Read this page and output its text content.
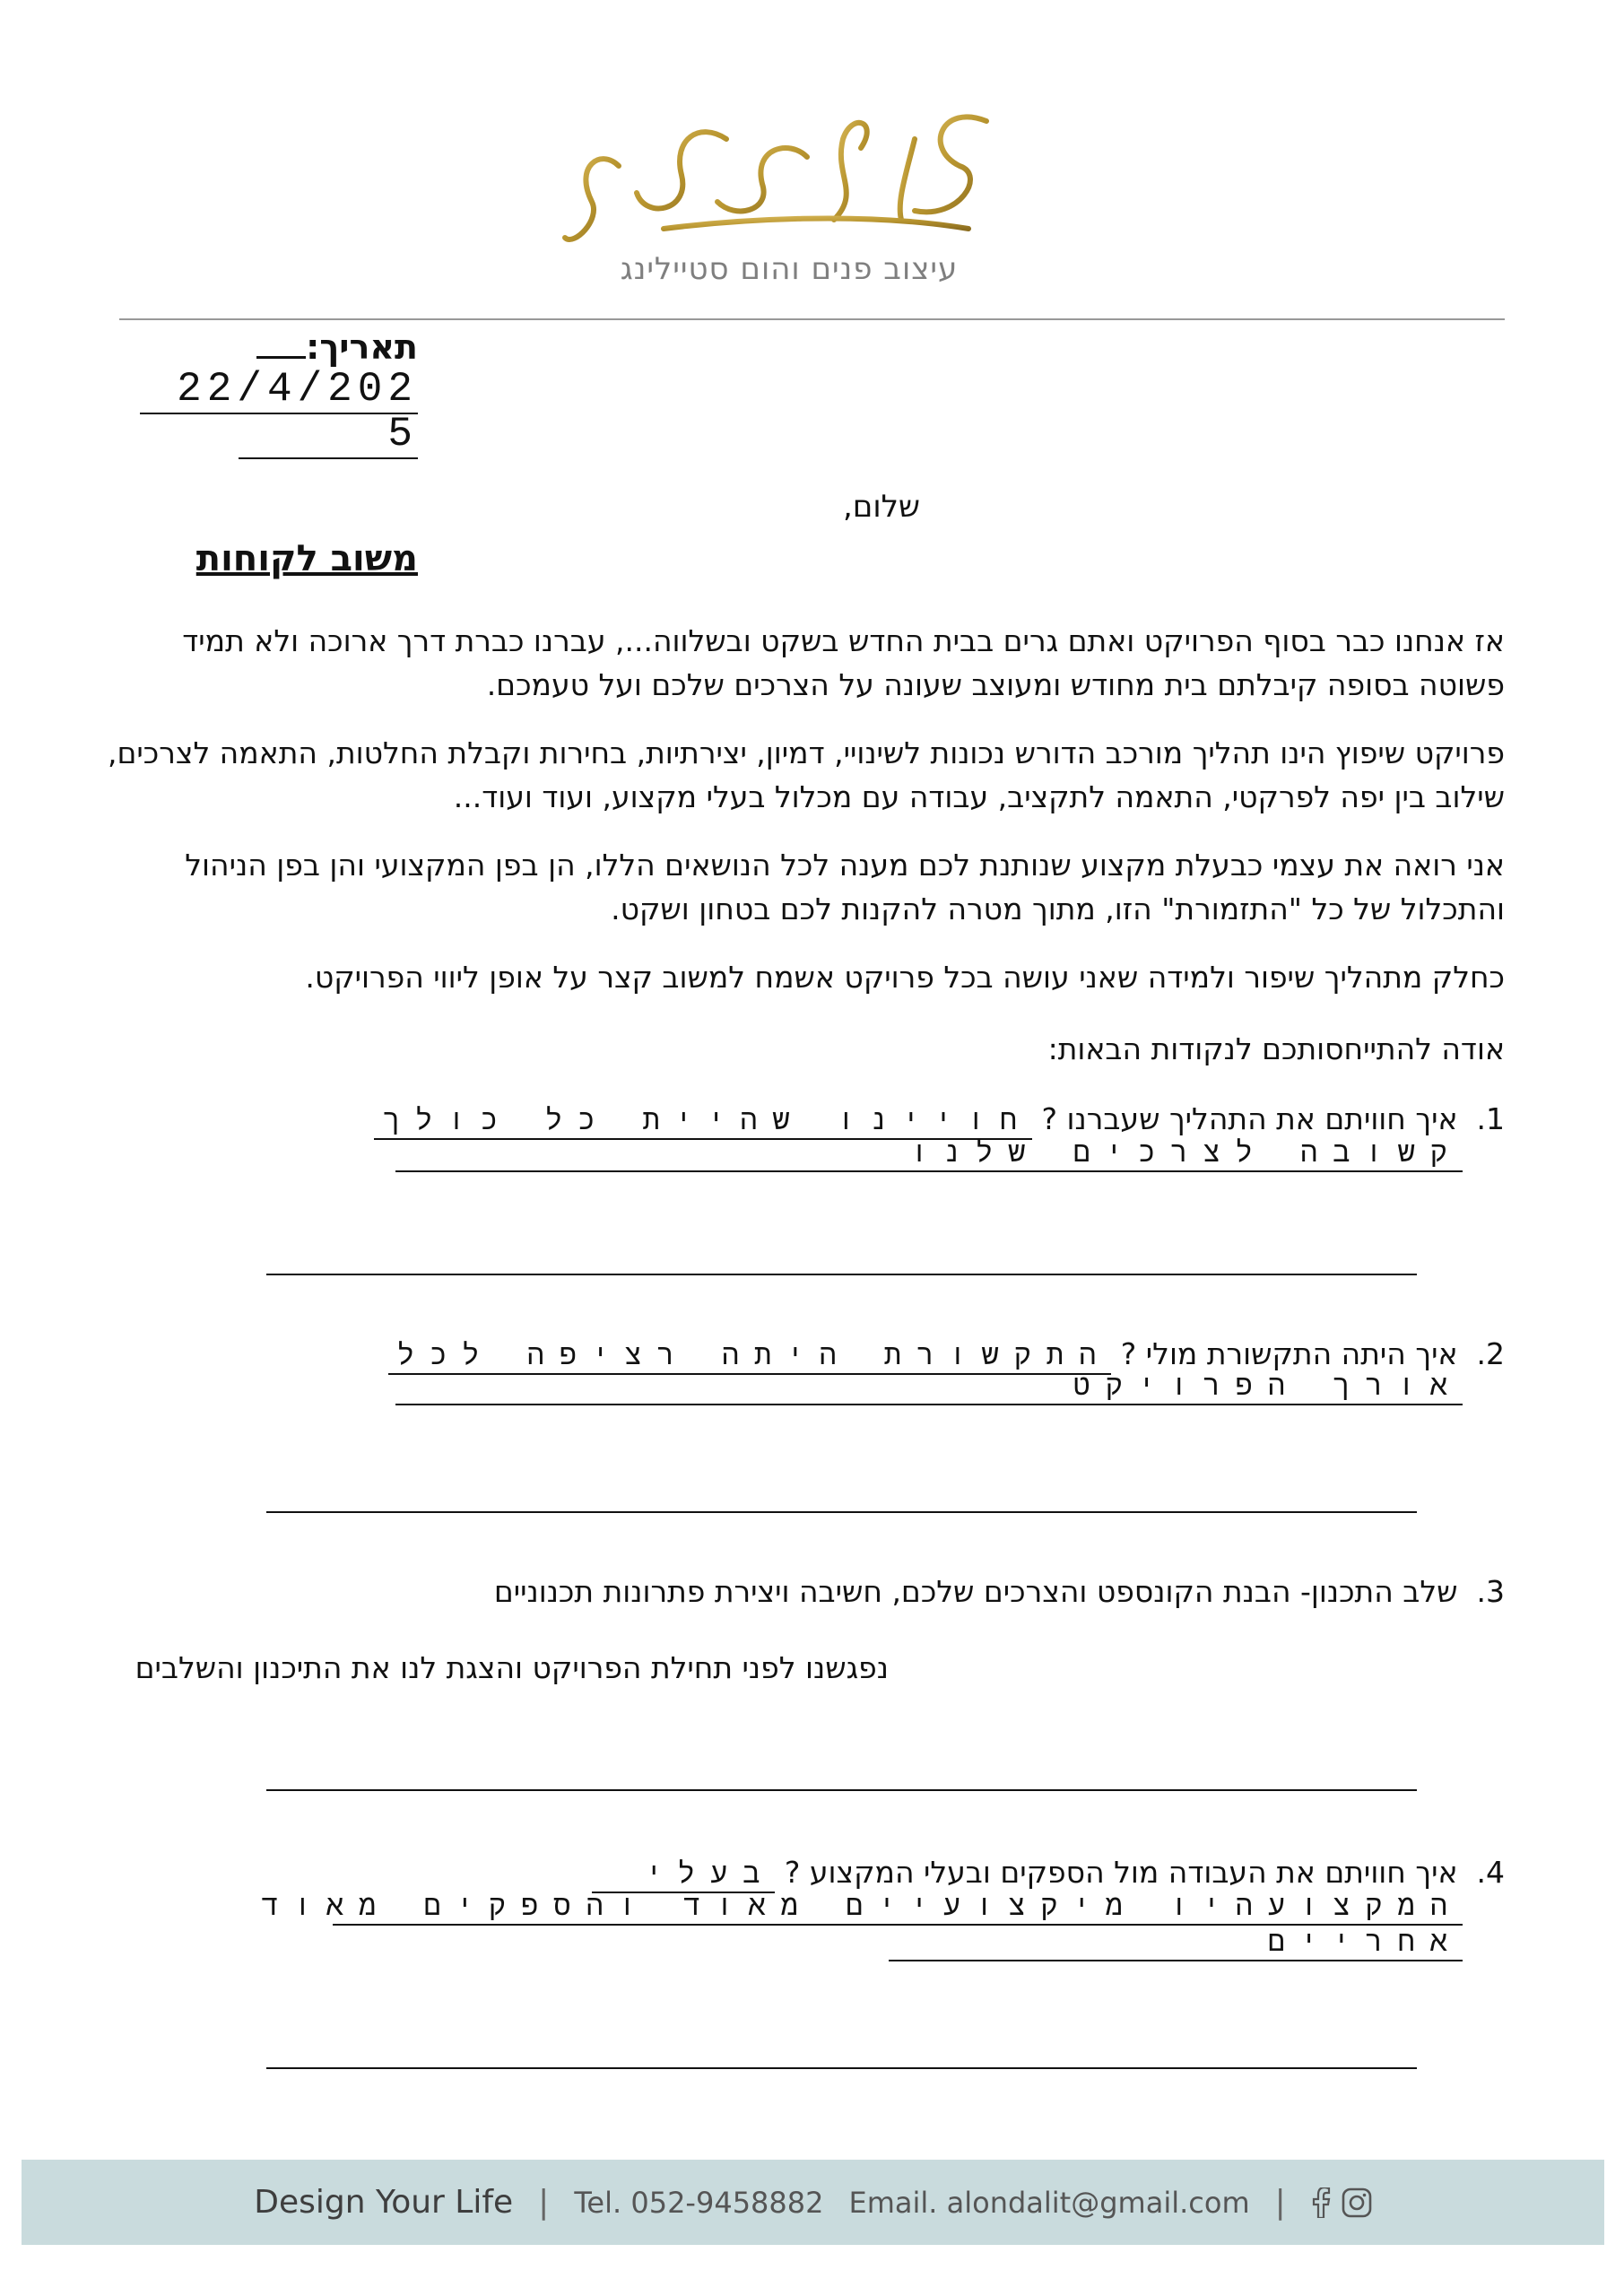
עיצוב פנים והום סטיילינג
תאריך:
22/4/202
5
שלום,
משוב לקוחות
אז אנחנו כבר בסוף הפרויקט ואתם גרים בבית החדש בשקט ובשלווה..., עברנו כברת דרך ארוכה ולא תמיד פשוטה בסופה קיבלתם בית מחודש ומעוצב שעונה על הצרכים שלכם ועל טעמכם.
פרויקט שיפוץ הינו תהליך מורכב הדורש נכונות לשינויי, דמיון, יצירתיות, בחירות וקבלת החלטות, התאמה לצרכים, שילוב בין יפה לפרקטי, התאמה לתקציב, עבודה עם מכלול בעלי מקצוע, ועוד ועוד...
אני רואה את עצמי כבעלת מקצוע שנותנת לכם מענה לכל הנושאים הללו, הן בפן המקצועי והן בפן הניהול והתכלול של כל "התזמורת" הזו, מתוך מטרה להקנות לכם בטחון ושקט.
כחלק מתהליך שיפור ולמידה שאני עושה בכל פרויקט אשמח למשוב קצר על אופן ליווי הפרויקט.
אודה להתייחסותכם לנקודות הבאות:
1.  איך חוויתם את התהליך שעברנו ? חויינו שהיית כל כולך
קשובה לצרכים שלנו
2.  איך היתה התקשורת מולי ? התקשורת היתה רציפה לכל
אורך הפרויקט
3.  שלב התכנון- הבנת הקונספט והצרכים שלכם, חשיבה ויצירת פתרונות תכנוניים
נפגשנו לפני תחילת הפרויקט והצגת לנו את התיכנון והשלבים
4.  איך חוויתם את העבודה מול הספקים ובעלי המקצוע ? בעלי
המקצועהיו מיקצועיים מאוד והספקים מאוד
אחריים
Design Your Life | Tel. 052-9458882 Email. alondalit@gmail.com |
